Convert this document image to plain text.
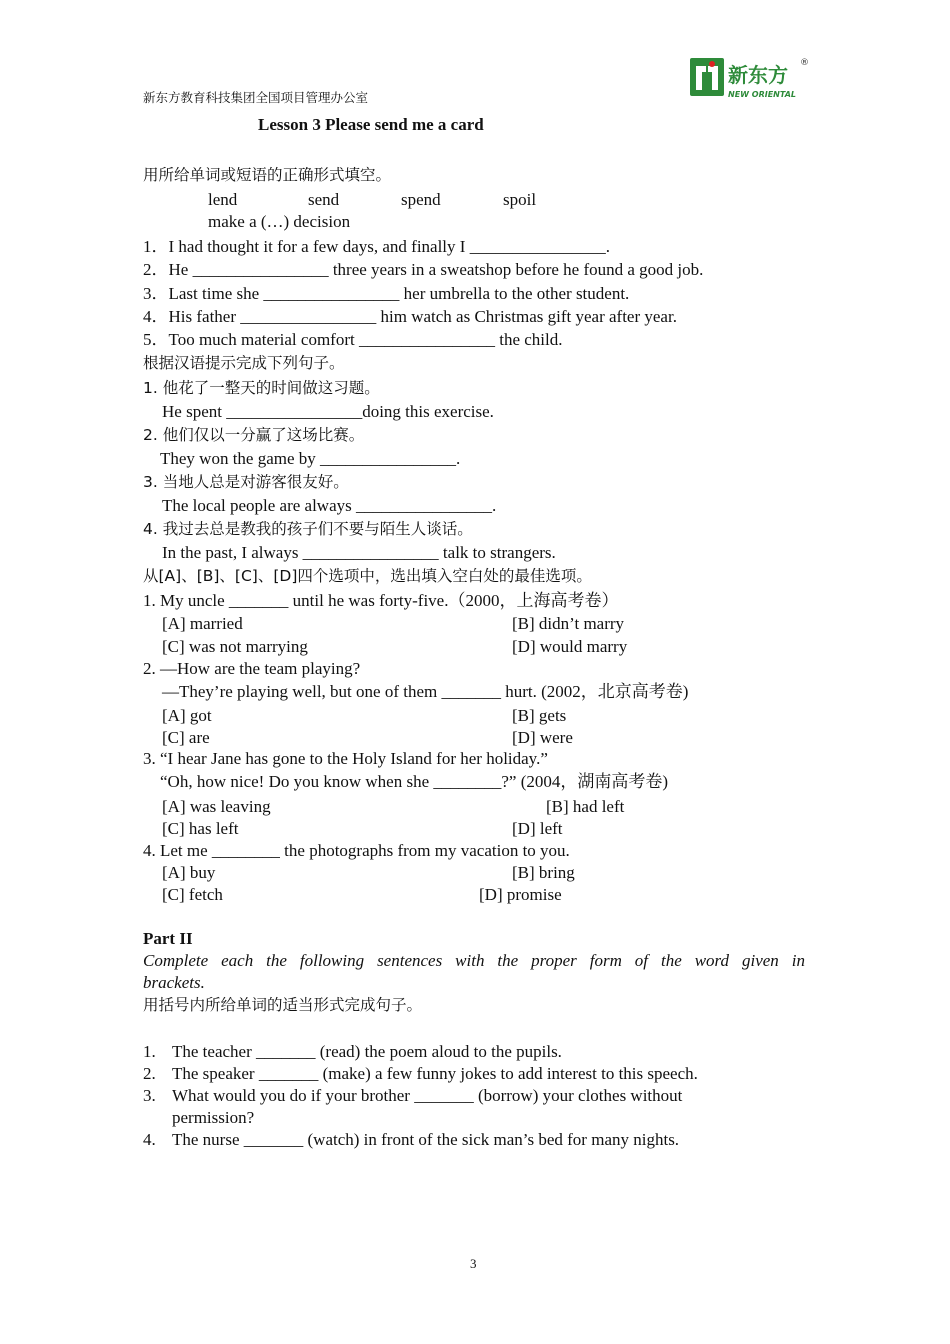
新东方教育科技集团全国项目管理办公室
新东方
NEW ORIENTAL
®
Lesson 3 Please send me a card
用所给单词或短语的正确形式填空。
lend	send	spend	spoil
make a (…) decision
1．I had thought it for a few days, and finally I ________________.
2．He ________________ three years in a sweatshop before he found a good job.
3．Last time she ________________ her umbrella to the other student.
4．His father ________________ him watch as Christmas gift year after year.
5．Too much material comfort ________________ the child.
根据汉语提示完成下列句子。
1. 他花了一整天的时间做这习题。
He spent ________________doing this exercise.
2. 他们仅以一分赢了这场比赛。
They won the game by ________________.
3. 当地人总是对游客很友好。
The local people are always ________________.
4. 我过去总是教我的孩子们不要与陌生人谈话。
In the past, I always ________________ talk to strangers.
从[A]、[B]、[C]、[D]四个选项中，选出填入空白处的最佳选项。
1. My uncle _______ until he was forty-five.（2000，上海高考卷）
[A] married	[B] didn’t marry
[C] was not marrying	[D] would marry
2. —How are the team playing?
—They’re playing well, but one of them _______ hurt. (2002，北京高考卷)
[A] got	[B] gets
[C] are	[D] were
3. “I hear Jane has gone to the Holy Island for her holiday.”
“Oh, how nice! Do you know when she ________?” (2004，湖南高考卷)
[A] was leaving	[B] had left
[C] has left	[D] left
4. Let me ________ the photographs from my vacation to you.
[A] buy	[B] bring
[C] fetch	[D] promise
Part II
Complete each the following sentences with the proper form of the word given in
brackets.
用括号内所给单词的适当形式完成句子。
1. The teacher _______ (read) the poem aloud to the pupils.
2. The speaker _______ (make) a few funny jokes to add interest to this speech.
3. What would you do if your brother _______ (borrow) your clothes without
permission?
4. The nurse _______ (watch) in front of the sick man’s bed for many nights.
3
